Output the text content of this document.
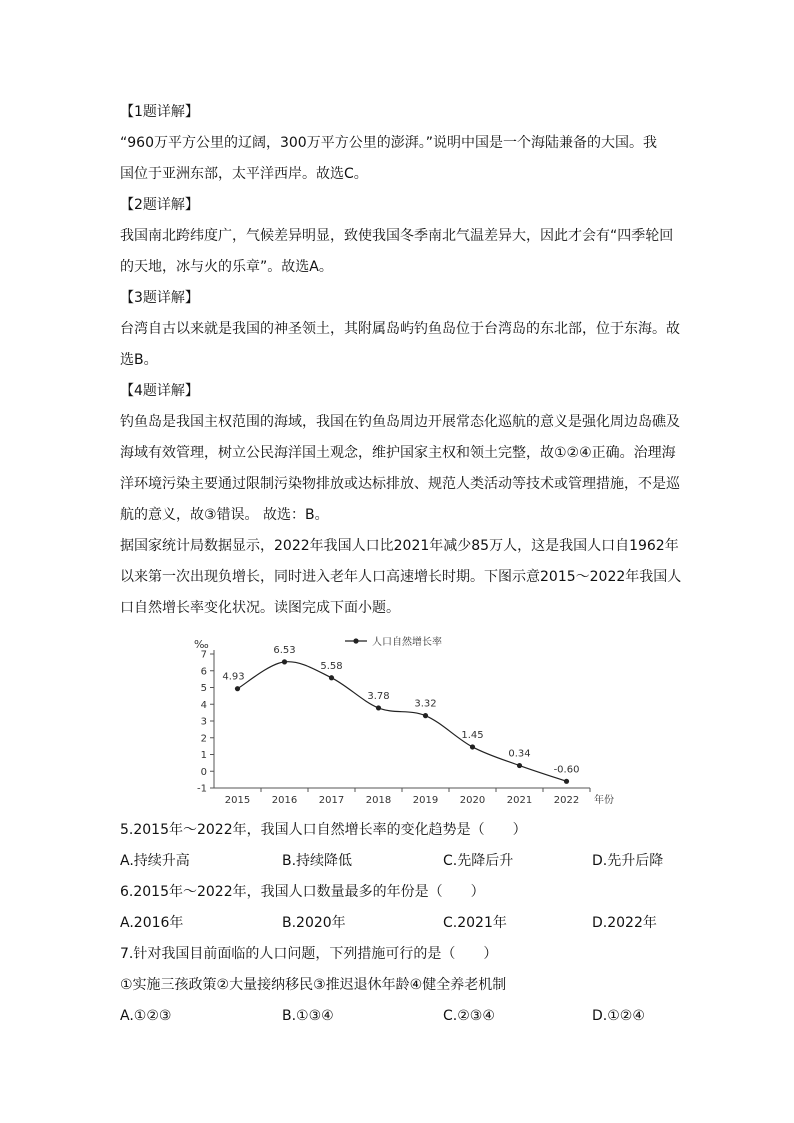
【1题详解】
“960万平方公里的辽阔，300万平方公里的澎湃。”说明中国是一个海陆兼备的大国。我
国位于亚洲东部，太平洋西岸。故选C。
【2题详解】
我国南北跨纬度广，气候差异明显，致使我国冬季南北气温差异大，因此才会有“四季轮回
的天地，冰与火的乐章”。故选A。
【3题详解】
台湾自古以来就是我国的神圣领土，其附属岛屿钓鱼岛位于台湾岛的东北部，位于东海。故
选B。
【4题详解】
钓鱼岛是我国主权范围的海域，我国在钓鱼岛周边开展常态化巡航的意义是强化周边岛礁及
海域有效管理，树立公民海洋国土观念，维护国家主权和领土完整，故①②④正确。治理海
洋环境污染主要通过限制污染物排放或达标排放、规范人类活动等技术或管理措施，不是巡
航的意义，故③错误。 故选：B。
据国家统计局数据显示，2022年我国人口比2021年减少85万人，这是我国人口自1962年
以来第一次出现负增长，同时进入老年人口高速增长时期。下图示意2015～2022年我国人
口自然增长率变化状况。读图完成下面小题。
-1
0
1
2
3
4
5
6
7
‰
2015 2016 2017 2018 2019 2020 2021 2022 年份
4.93
6.53
5.58
3.78
3.32
1.45
0.34
-0.60
人口自然增长率
5.2015年～2022年，我国人口自然增长率的变化趋势是（　　）
A.持续升高	B.持续降低	C.先降后升	D.先升后降
6.2015年～2022年，我国人口数量最多的年份是（　　）
A.2016年	B.2020年	C.2021年	D.2022年
7.针对我国目前面临的人口问题，下列措施可行的是（　　）
①实施三孩政策②大量接纳移民③推迟退休年龄④健全养老机制
A.①②③	B.①③④	C.②③④	D.①②④
